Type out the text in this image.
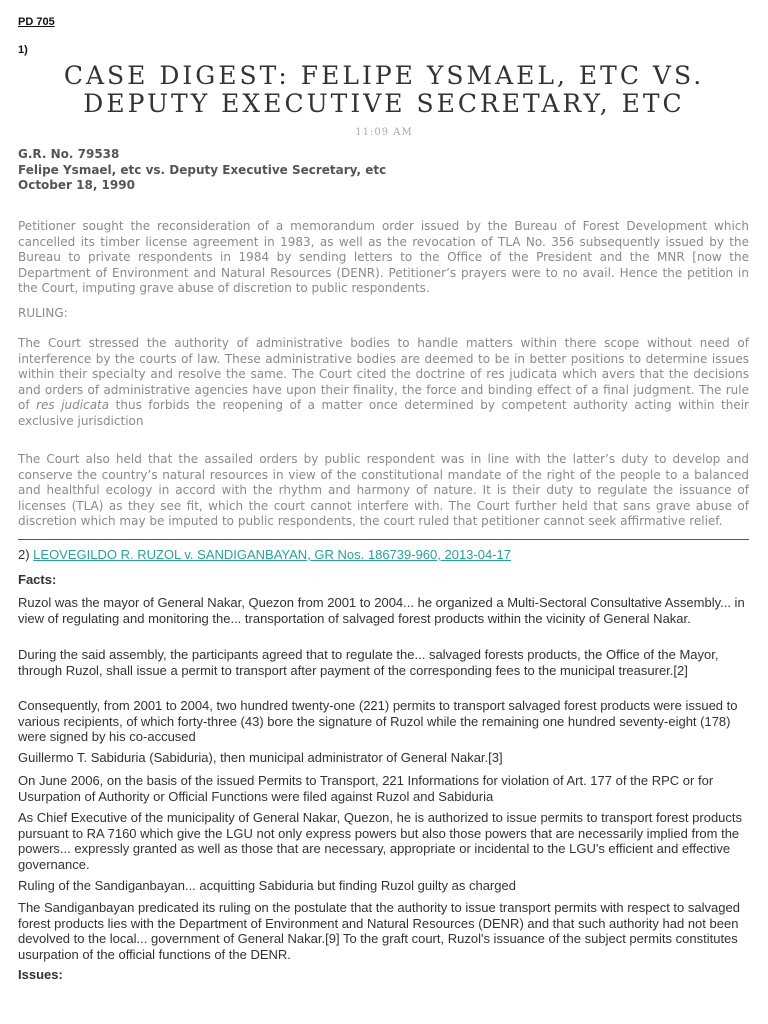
PD 705
1)
CASE DIGEST: FELIPE YSMAEL, ETC VS. DEPUTY EXECUTIVE SECRETARY, ETC
11:09 AM
G.R. No. 79538
Felipe Ysmael, etc vs. Deputy Executive Secretary, etc
October 18, 1990

Petitioner sought the reconsideration of a memorandum order issued by the Bureau of Forest Development which cancelled its timber license agreement in 1983, as well as the revocation of TLA No. 356 subsequently issued by the Bureau to private respondents in 1984 by sending letters to the Office of the President and the MNR [now the Department of Environment and Natural Resources (DENR). Petitioner’s prayers were to no avail. Hence the petition in the Court, imputing grave abuse of discretion to public respondents.

RULING:

The Court stressed the authority of administrative bodies to handle matters within there scope without need of interference by the courts of law. These administrative bodies are deemed to be in better positions to determine issues within their specialty and resolve the same. The Court cited the doctrine of res judicata which avers that the decisions and orders of administrative agencies have upon their finality, the force and binding effect of a final judgment. The rule of res judicata thus forbids the reopening of a matter once determined by competent authority acting within their exclusive jurisdiction

The Court also held that the assailed orders by public respondent was in line with the latter’s duty to develop and conserve the country’s natural resources in view of the constitutional mandate of the right of the people to a balanced and healthful ecology in accord with the rhythm and harmony of nature. It is their duty to regulate the issuance of licenses (TLA) as they see fit, which the court cannot interfere with. The Court further held that sans grave abuse of discretion which may be imputed to public respondents, the court ruled that petitioner cannot seek affirmative relief.

2) LEOVEGILDO R. RUZOL v. SANDIGANBAYAN, GR Nos. 186739-960, 2013-04-17
Facts:

Ruzol was the mayor of General Nakar, Quezon from 2001 to 2004... he organized a Multi-Sectoral Consultative Assembly... in view of regulating and monitoring the... transportation of salvaged forest products within the vicinity of General Nakar.

During the said assembly, the participants agreed that to regulate the... salvaged forests products, the Office of the Mayor, through Ruzol, shall issue a permit to transport after payment of the corresponding fees to the municipal treasurer.[2]

Consequently, from 2001 to 2004, two hundred twenty-one (221) permits to transport salvaged forest products were issued to various recipients, of which forty-three (43) bore the signature of Ruzol while the remaining one hundred seventy-eight (178) were signed by his co-accused

Guillermo T. Sabiduria (Sabiduria), then municipal administrator of General Nakar.[3]

On June 2006, on the basis of the issued Permits to Transport, 221 Informations for violation of Art. 177 of the RPC or for Usurpation of Authority or Official Functions were filed against Ruzol and Sabiduria

As Chief Executive of the municipality of General Nakar, Quezon, he is authorized to issue permits to transport forest products pursuant to RA 7160 which give the LGU not only express powers but also those powers that are necessarily implied from the powers... expressly granted as well as those that are necessary, appropriate or incidental to the LGU's efficient and effective governance.

Ruling of the Sandiganbayan... acquitting Sabiduria but finding Ruzol guilty as charged

The Sandiganbayan predicated its ruling on the postulate that the authority to issue transport permits with respect to salvaged forest products lies with the Department of Environment and Natural Resources (DENR) and that such authority had not been devolved to the local... government of General Nakar.[9] To the graft court, Ruzol's issuance of the subject permits constitutes usurpation of the official functions of the DENR.

Issues:
